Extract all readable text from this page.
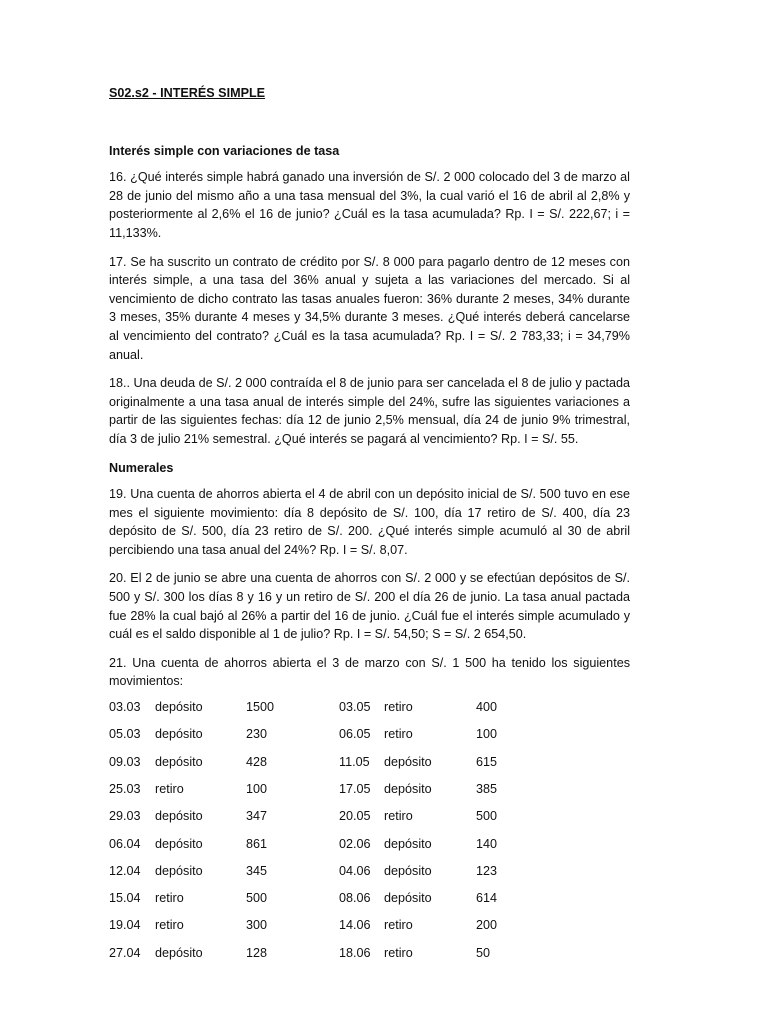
S02.s2 - INTERÉS SIMPLE

Interés simple con variaciones de tasa

16. ¿Qué interés simple habrá ganado una inversión de S/. 2 000 colocado del 3 de marzo al 28 de junio del mismo año a una tasa mensual del 3%, la cual varió el 16 de abril al 2,8% y posteriormente al 2,6% el 16 de junio? ¿Cuál es la tasa acumulada? Rp. I = S/. 222,67; i = 11,133%.

17. Se ha suscrito un contrato de crédito por S/. 8 000 para pagarlo dentro de 12 meses con interés simple, a una tasa del 36% anual y sujeta a las variaciones del mercado. Si al vencimiento de dicho contrato las tasas anuales fueron: 36% durante 2 meses, 34% durante 3 meses, 35% durante 4 meses y 34,5% durante 3 meses. ¿Qué interés deberá cancelarse al vencimiento del contrato? ¿Cuál es la tasa acumulada? Rp. I = S/. 2 783,33; i = 34,79% anual.

18.. Una deuda de S/. 2 000 contraída el 8 de junio para ser cancelada el 8 de julio y pactada originalmente a una tasa anual de interés simple del 24%, sufre las siguientes variaciones a partir de las siguientes fechas: día 12 de junio 2,5% mensual, día 24 de junio 9% trimestral, día 3 de julio 21% semestral. ¿Qué interés se pagará al vencimiento? Rp. I = S/. 55.

Numerales

19. Una cuenta de ahorros abierta el 4 de abril con un depósito inicial de S/. 500 tuvo en ese mes el siguiente movimiento: día 8 depósito de S/. 100, día 17 retiro de S/. 400, día 23 depósito de S/. 500, día 23 retiro de S/. 200. ¿Qué interés simple acumuló al 30 de abril percibiendo una tasa anual del 24%? Rp. I = S/. 8,07.

20. El 2 de junio se abre una cuenta de ahorros con S/. 2 000 y se efectúan depósitos de S/. 500 y S/. 300 los días 8 y 16 y un retiro de S/. 200 el día 26 de junio. La tasa anual pactada fue 28% la cual bajó al 26% a partir del 16 de junio. ¿Cuál fue el interés simple acumulado y cuál es el saldo disponible al 1 de julio? Rp. I = S/. 54,50; S = S/. 2 654,50.

21. Una cuenta de ahorros abierta el 3 de marzo con S/. 1 500 ha tenido los siguientes movimientos:

03.03	depósito	1500	03.05	retiro	400
05.03	depósito	230	06.05	retiro	100
09.03	depósito	428	11.05	depósito	615
25.03	retiro	100	17.05	depósito	385
29.03	depósito	347	20.05	retiro	500
06.04	depósito	861	02.06	depósito	140
12.04	depósito	345	04.06	depósito	123
15.04	retiro	500	08.06	depósito	614
19.04	retiro	300	14.06	retiro	200
27.04	depósito	128	18.06	retiro	50
